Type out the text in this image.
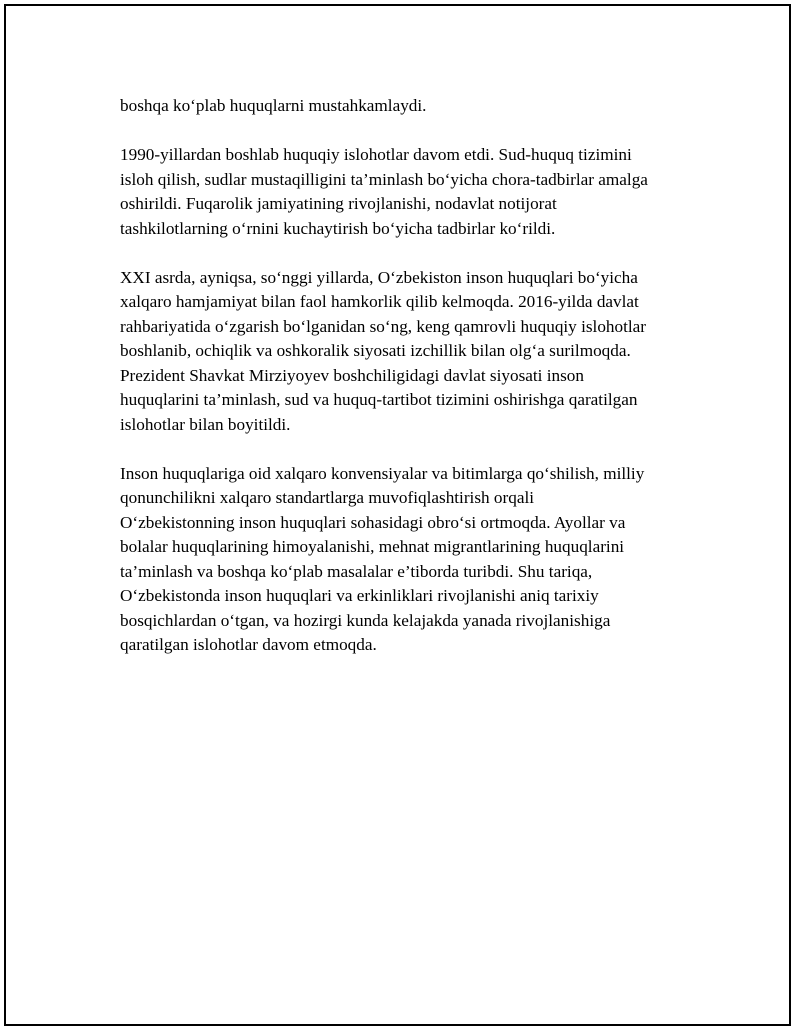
boshqa ko‘plab huquqlarni mustahkamlaydi.

1990-yillardan boshlab huquqiy islohotlar davom etdi. Sud-huquq tizimini
isloh qilish, sudlar mustaqilligini ta’minlash bo‘yicha chora-tadbirlar amalga
oshirildi. Fuqarolik jamiyatining rivojlanishi, nodavlat notijorat
tashkilotlarning o‘rnini kuchaytirish bo‘yicha tadbirlar ko‘rildi.

XXI asrda, ayniqsa, so‘nggi yillarda, O‘zbekiston inson huquqlari bo‘yicha
xalqaro hamjamiyat bilan faol hamkorlik qilib kelmoqda. 2016-yilda davlat
rahbariyatida o‘zgarish bo‘lganidan so‘ng, keng qamrovli huquqiy islohotlar
boshlanib, ochiqlik va oshkoralik siyosati izchillik bilan olg‘a surilmoqda.
Prezident Shavkat Mirziyoyev boshchiligidagi davlat siyosati inson
huquqlarini ta’minlash, sud va huquq-tartibot tizimini oshirishga qaratilgan
islohotlar bilan boyitildi.

Inson huquqlariga oid xalqaro konvensiyalar va bitimlarga qo‘shilish, milliy
qonunchilikni xalqaro standartlarga muvofiqlashtirish orqali
O‘zbekistonning inson huquqlari sohasidagi obro‘si ortmoqda. Ayollar va
bolalar huquqlarining himoyalanishi, mehnat migrantlarining huquqlarini
ta’minlash va boshqa ko‘plab masalalar e’tiborda turibdi. Shu tariqa,
O‘zbekistonda inson huquqlari va erkinliklari rivojlanishi aniq tarixiy
bosqichlardan o‘tgan, va hozirgi kunda kelajakda yanada rivojlanishiga
qaratilgan islohotlar davom etmoqda.
